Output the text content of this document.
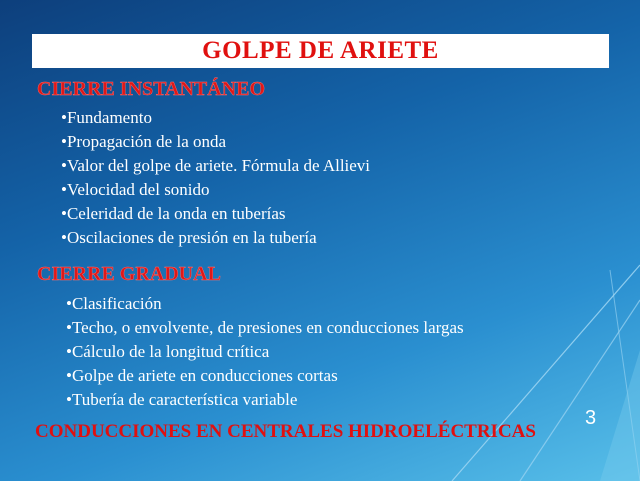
GOLPE DE ARIETE
CIERRE INSTANTÁNEO
•Fundamento
•Propagación de la onda
•Valor del golpe de ariete. Fórmula de Allievi
•Velocidad del sonido
•Celeridad de la onda en tuberías
•Oscilaciones de presión en la tubería
CIERRE GRADUAL
•Clasificación
•Techo, o envolvente, de presiones en conducciones largas
•Cálculo de la longitud crítica
•Golpe de ariete en conducciones cortas
•Tubería de característica variable
3
CONDUCCIONES EN CENTRALES HIDROELÉCTRICAS
